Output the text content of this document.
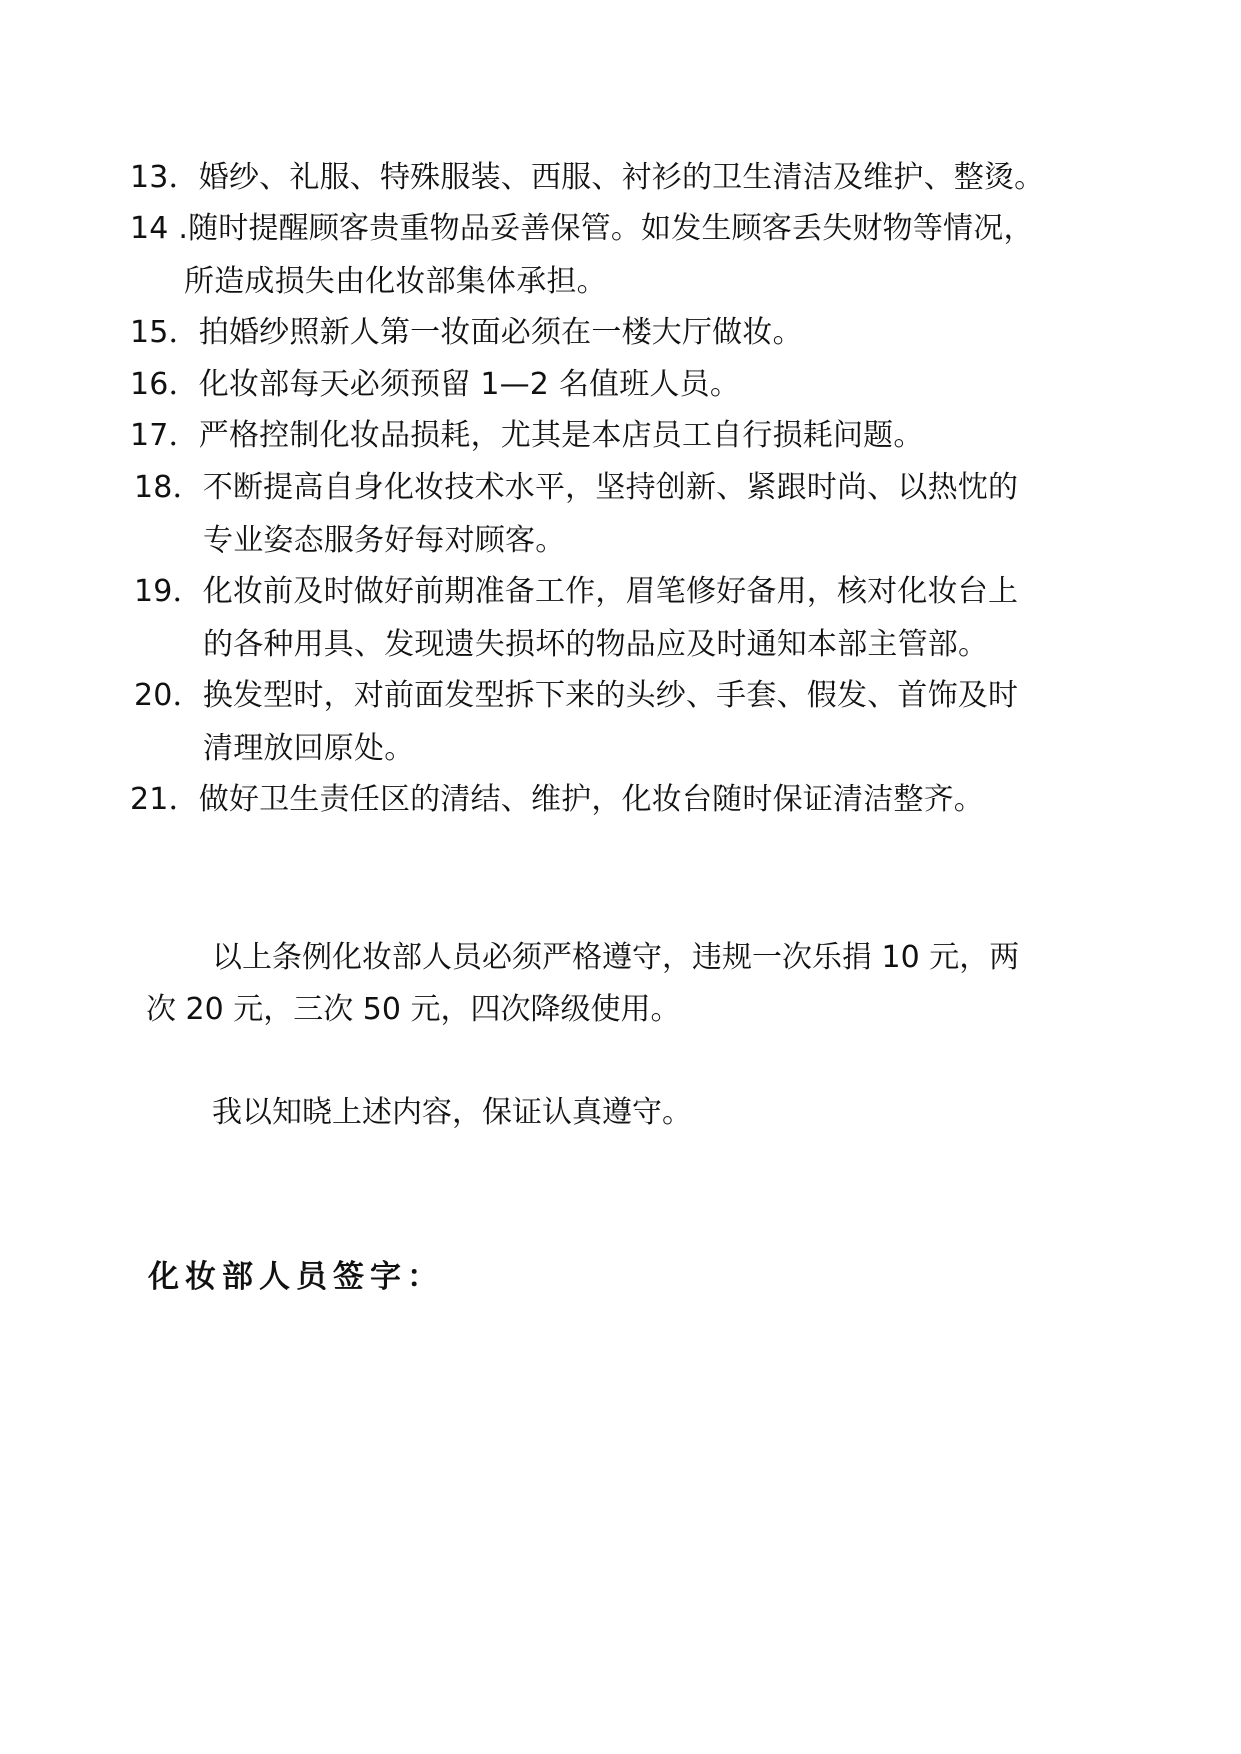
13．婚纱、礼服、特殊服装、西服、衬衫的卫生清洁及维护、整烫。
14 .随时提醒顾客贵重物品妥善保管。如发生顾客丢失财物等情况，
所造成损失由化妆部集体承担。
15．拍婚纱照新人第一妆面必须在一楼大厅做妆。
16．化妆部每天必须预留 1—2 名值班人员。
17．严格控制化妆品损耗，尤其是本店员工自行损耗问题。
18．不断提高自身化妆技术水平，坚持创新、紧跟时尚、以热忱的
专业姿态服务好每对顾客。
19．化妆前及时做好前期准备工作，眉笔修好备用，核对化妆台上
的各种用具、发现遗失损坏的物品应及时通知本部主管部。
20．换发型时，对前面发型拆下来的头纱、手套、假发、首饰及时
清理放回原处。
21．做好卫生责任区的清结、维护，化妆台随时保证清洁整齐。
以上条例化妆部人员必须严格遵守，违规一次乐捐 10 元，两
次 20 元，三次 50 元，四次降级使用。
我以知晓上述内容，保证认真遵守。
化妆部人员签字：
